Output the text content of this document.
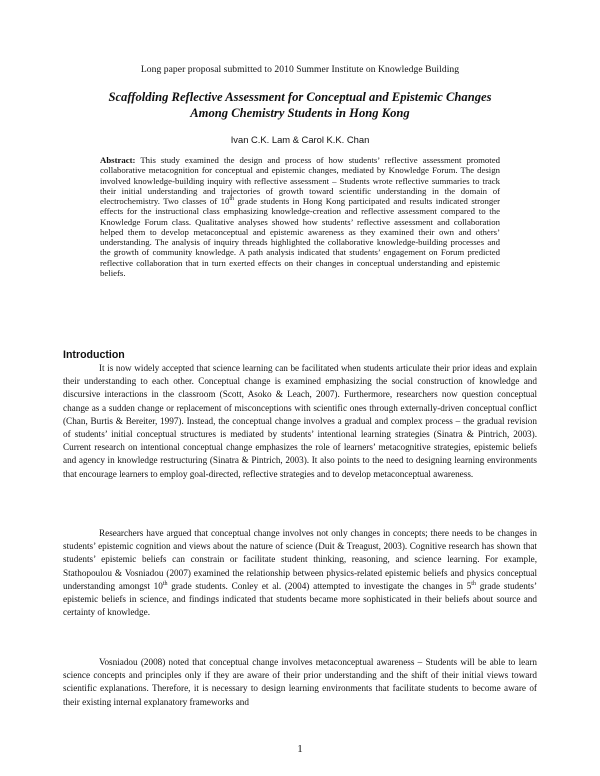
Long paper proposal submitted to 2010 Summer Institute on Knowledge Building
Scaffolding Reflective Assessment for Conceptual and Epistemic Changes
Among Chemistry Students in Hong Kong
Ivan C.K. Lam & Carol K.K. Chan

Abstract: This study examined the design and process of how students’ reflective assessment promoted collaborative metacognition for conceptual and epistemic changes, mediated by Knowledge Forum. The design involved knowledge-building inquiry with reflective assessment – Students wrote reflective summaries to track their initial understanding and trajectories of growth toward scientific understanding in the domain of electrochemistry. Two classes of 10th grade students in Hong Kong participated and results indicated stronger effects for the instructional class emphasizing knowledge-creation and reflective assessment compared to the Knowledge Forum class. Qualitative analyses showed how students’ reflective assessment and collaboration helped them to develop metaconceptual and epistemic awareness as they examined their own and others’ understanding. The analysis of inquiry threads highlighted the collaborative knowledge-building processes and the growth of community knowledge. A path analysis indicated that students’ engagement on Forum predicted reflective collaboration that in turn exerted effects on their changes in conceptual understanding and epistemic beliefs.

Introduction

It is now widely accepted that science learning can be facilitated when students articulate their prior ideas and explain their understanding to each other. Conceptual change is examined emphasizing the social construction of knowledge and discursive interactions in the classroom (Scott, Asoko & Leach, 2007). Furthermore, researchers now question conceptual change as a sudden change or replacement of misconceptions with scientific ones through externally-driven conceptual conflict (Chan, Burtis & Bereiter, 1997). Instead, the conceptual change involves a gradual and complex process – the gradual revision of students’ initial conceptual structures is mediated by students’ intentional learning strategies (Sinatra & Pintrich, 2003). Current research on intentional conceptual change emphasizes the role of learners’ metacognitive strategies, epistemic beliefs and agency in knowledge restructuring (Sinatra & Pintrich, 2003). It also points to the need to designing learning environments that encourage learners to employ goal-directed, reflective strategies and to develop metaconceptual awareness.

Researchers have argued that conceptual change involves not only changes in concepts; there needs to be changes in students’ epistemic cognition and views about the nature of science (Duit & Treagust, 2003). Cognitive research has shown that students’ epistemic beliefs can constrain or facilitate student thinking, reasoning, and science learning. For example, Stathopoulou & Vosniadou (2007) examined the relationship between physics-related epistemic beliefs and physics conceptual understanding amongst 10th grade students. Conley et al. (2004) attempted to investigate the changes in 5th grade students’ epistemic beliefs in science, and findings indicated that students became more sophisticated in their beliefs about source and certainty of knowledge.

Vosniadou (2008) noted that conceptual change involves metaconceptual awareness – Students will be able to learn science concepts and principles only if they are aware of their prior understanding and the shift of their initial views toward scientific explanations. Therefore, it is necessary to design learning environments that facilitate students to become aware of their existing internal explanatory frameworks and

1
